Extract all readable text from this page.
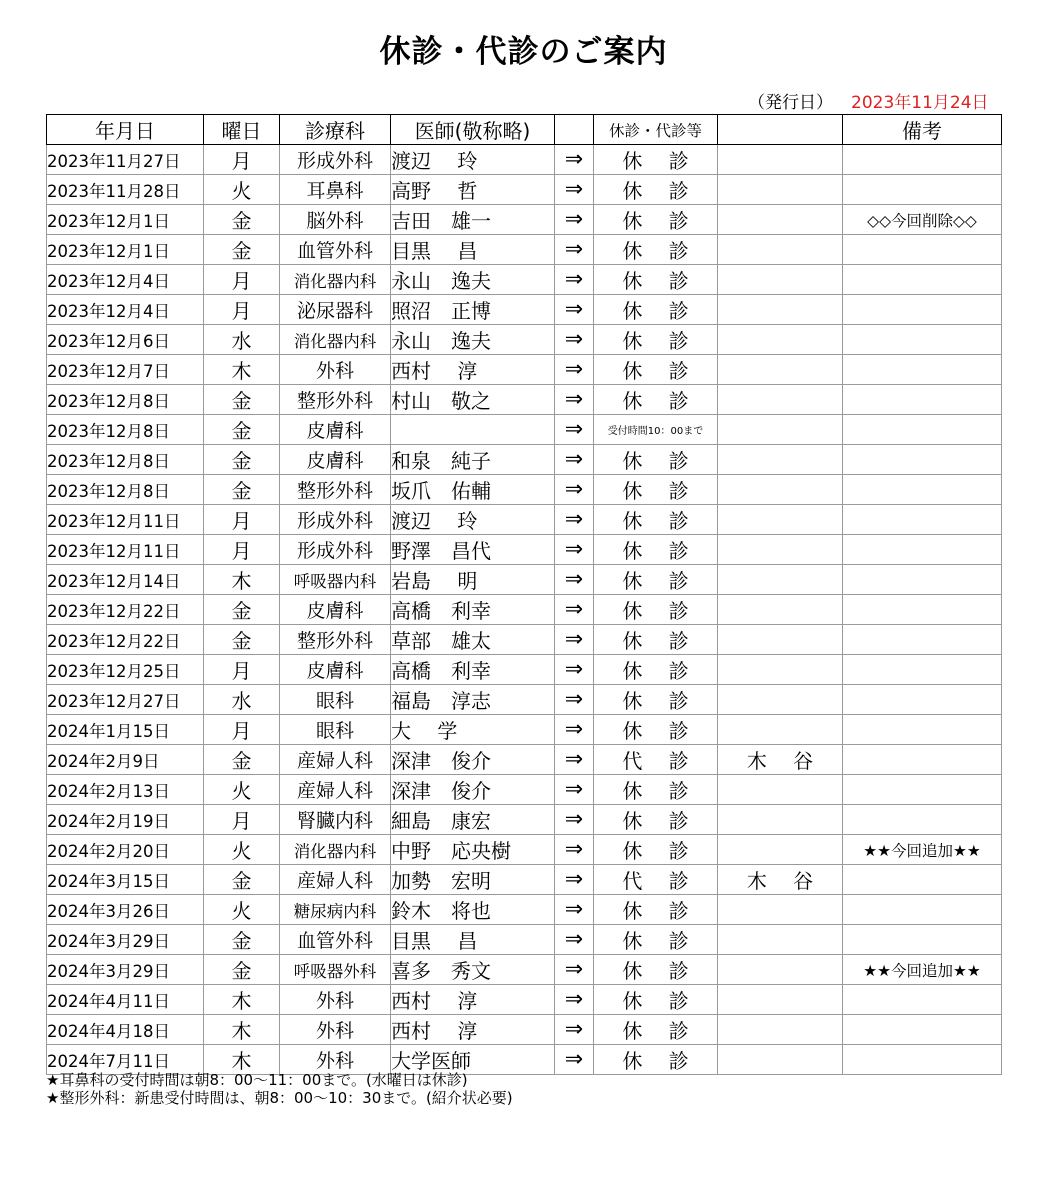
休診・代診のご案内
（発行日） 2023年11月24日
年月日	曜日	診療科	医師(敬称略)		休診・代診等		備考
2023年11月27日	月	形成外科	渡辺　 玲	⇒	休　 診		
2023年11月28日	火	耳鼻科	高野　 哲	⇒	休　 診		
2023年12月1日	金	脳外科	吉田　雄一	⇒	休　 診		◇◇今回削除◇◇
2023年12月1日	金	血管外科	目黒　 昌	⇒	休　 診		
2023年12月4日	月	消化器内科	永山　逸夫	⇒	休　 診		
2023年12月4日	月	泌尿器科	照沼　正博	⇒	休　 診		
2023年12月6日	水	消化器内科	永山　逸夫	⇒	休　 診		
2023年12月7日	木	外科	西村　 淳	⇒	休　 診		
2023年12月8日	金	整形外科	村山　敬之	⇒	休　 診		
2023年12月8日	金	皮膚科		⇒	受付時間10：00まで		
2023年12月8日	金	皮膚科	和泉　純子	⇒	休　 診		
2023年12月8日	金	整形外科	坂爪　佑輔	⇒	休　 診		
2023年12月11日	月	形成外科	渡辺　 玲	⇒	休　 診		
2023年12月11日	月	形成外科	野澤　昌代	⇒	休　 診		
2023年12月14日	木	呼吸器内科	岩島　 明	⇒	休　 診		
2023年12月22日	金	皮膚科	高橋　利幸	⇒	休　 診		
2023年12月22日	金	整形外科	草部　雄太	⇒	休　 診		
2023年12月25日	月	皮膚科	高橋　利幸	⇒	休　 診		
2023年12月27日	水	眼科	福島　淳志	⇒	休　 診		
2024年1月15日	月	眼科	大　 学	⇒	休　 診		
2024年2月9日	金	産婦人科	深津　俊介	⇒	代　 診	木　 谷	
2024年2月13日	火	産婦人科	深津　俊介	⇒	休　 診		
2024年2月19日	月	腎臓内科	細島　康宏	⇒	休　 診		
2024年2月20日	火	消化器内科	中野　応央樹	⇒	休　 診		★★今回追加★★
2024年3月15日	金	産婦人科	加勢　宏明	⇒	代　 診	木　 谷	
2024年3月26日	火	糖尿病内科	鈴木　将也	⇒	休　 診		
2024年3月29日	金	血管外科	目黒　 昌	⇒	休　 診		
2024年3月29日	金	呼吸器外科	喜多　秀文	⇒	休　 診		★★今回追加★★
2024年4月11日	木	外科	西村　 淳	⇒	休　 診		
2024年4月18日	木	外科	西村　 淳	⇒	休　 診		
2024年7月11日	木	外科	大学医師	⇒	休　 診		
★耳鼻科の受付時間は朝8：00～11：00まで。(水曜日は休診)
★整形外科：新患受付時間は、朝8：00～10：30まで。(紹介状必要)
